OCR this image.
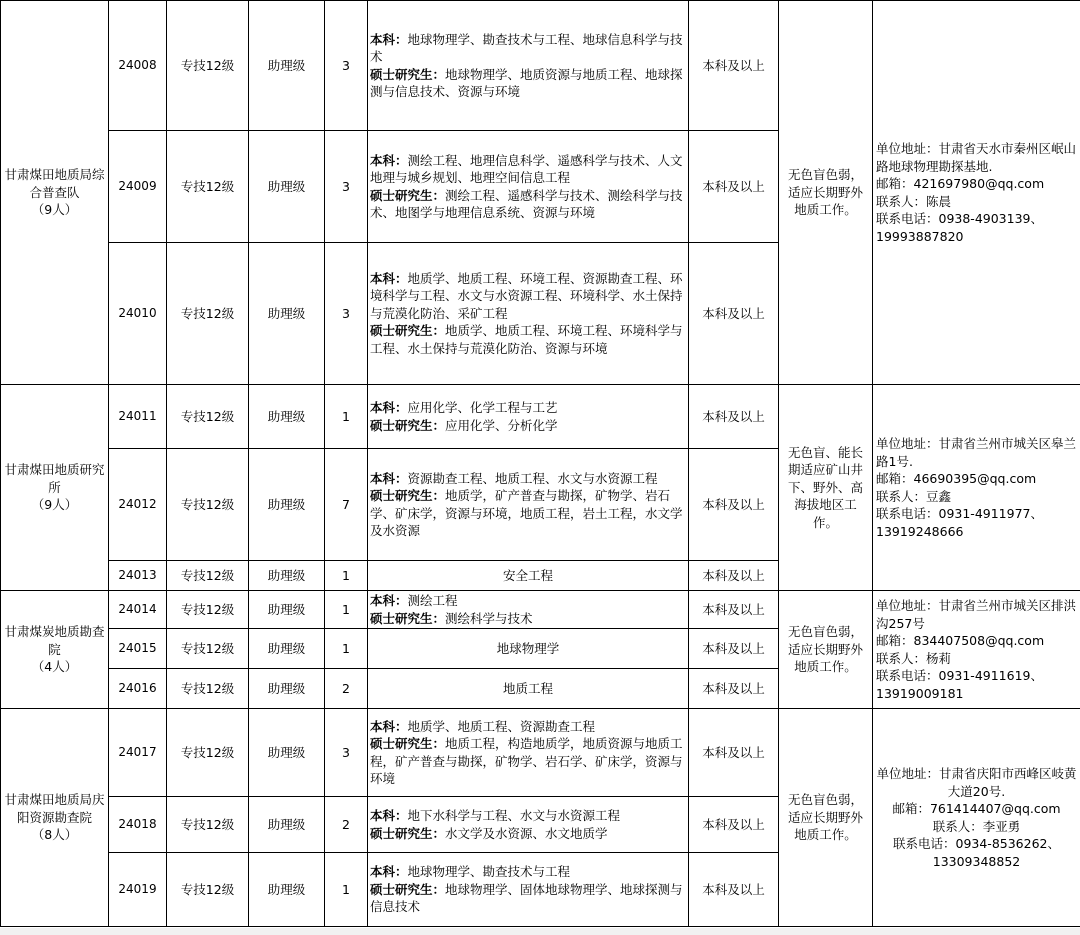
甘肃煤田地质局综合普查队
（9人）	24008	专技12级	助理级	3	本科：地球物理学、勘查技术与工程、地球信息科学与技术
硕士研究生：地球物理学、地质资源与地质工程、地球探测与信息技术、资源与环境	本科及以上	无色盲色弱，适应长期野外地质工作。	单位地址：甘肃省天水市秦州区岷山路地球物理勘探基地.
邮箱：421697980@qq.com
联系人：陈晨
联系电话：0938-4903139、19993887820

	24009	专技12级	助理级	3	本科：测绘工程、地理信息科学、遥感科学与技术、人文地理与城乡规划、地理空间信息工程
硕士研究生：测绘工程、遥感科学与技术、测绘科学与技术、地图学与地理信息系统、资源与环境	本科及以上		
	24010	专技12级	助理级	3	本科：地质学、地质工程、环境工程、资源勘查工程、环境科学与工程、水文与水资源工程、环境科学、水土保持与荒漠化防治、采矿工程
硕士研究生：地质学、地质工程、环境工程、环境科学与工程、水土保持与荒漠化防治、资源与环境	本科及以上		

甘肃煤田地质研究所
（9人）	24011	专技12级	助理级	1	本科：应用化学、化学工程与工艺
硕士研究生：应用化学、分析化学	本科及以上	无色盲、能长期适应矿山井下、野外、高海拔地区工作。	单位地址：甘肃省兰州市城关区皋兰路1号.
邮箱：46690395@qq.com
联系人：豆鑫
联系电话：0931-4911977、13919248666

	24012	专技12级	助理级	7	本科：资源勘查工程、地质工程、水文与水资源工程
硕士研究生：地质学，矿产普查与勘探，矿物学、岩石学、矿床学，资源与环境，地质工程，岩土工程，水文学及水资源	本科及以上		
	24013	专技12级	助理级	1	安全工程	本科及以上		

甘肃煤炭地质勘查院
（4人）	24014	专技12级	助理级	1	本科：测绘工程
硕士研究生：测绘科学与技术	本科及以上	无色盲色弱，适应长期野外地质工作。	单位地址：甘肃省兰州市城关区排洪沟257号
邮箱：834407508@qq.com
联系人：杨莉
联系电话：0931-4911619、13919009181

	24015	专技12级	助理级	1	地球物理学	本科及以上		
	24016	专技12级	助理级	2	地质工程	本科及以上		

甘肃煤田地质局庆阳资源勘查院
（8人）	24017	专技12级	助理级	3	本科：地质学、地质工程、资源勘查工程
硕士研究生：地质工程，构造地质学，地质资源与地质工程，矿产普查与勘探，矿物学、岩石学、矿床学，资源与环境	本科及以上	无色盲色弱，适应长期野外地质工作。	单位地址：甘肃省庆阳市西峰区岐黄大道20号.
邮箱：761414407@qq.com
联系人：李亚勇
联系电话：0934-8536262、13309348852

	24018	专技12级	助理级	2	本科：地下水科学与工程、水文与水资源工程
硕士研究生：水文学及水资源、水文地质学	本科及以上		
	24019	专技12级	助理级	1	本科：地球物理学、勘查技术与工程
硕士研究生：地球物理学、固体地球物理学、地球探测与信息技术	本科及以上		
